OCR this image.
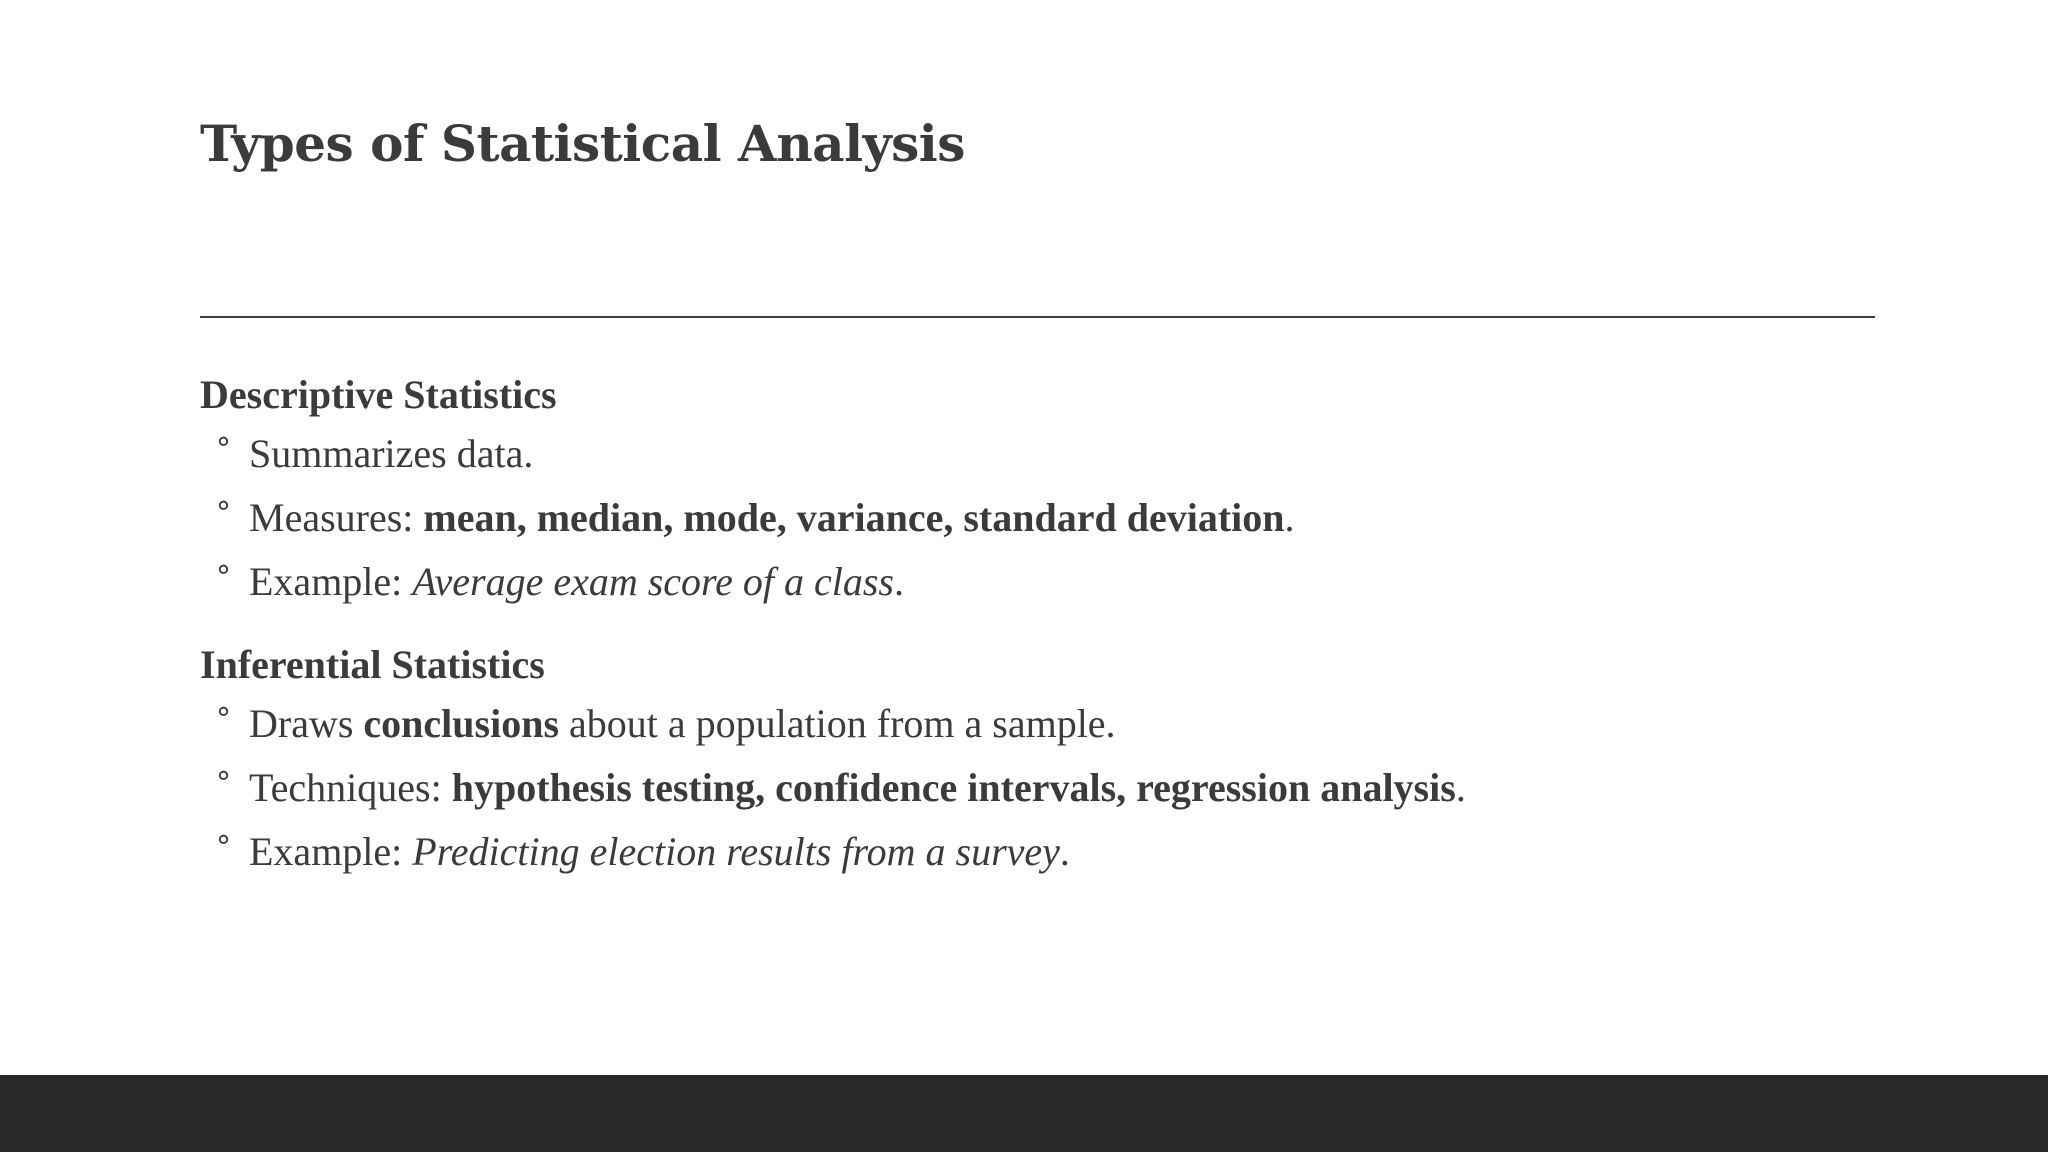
Types of Statistical Analysis
Descriptive Statistics
° Summarizes data.
° Measures: mean, median, mode, variance, standard deviation.
° Example: Average exam score of a class.
Inferential Statistics
° Draws conclusions about a population from a sample.
° Techniques: hypothesis testing, confidence intervals, regression analysis.
° Example: Predicting election results from a survey.
